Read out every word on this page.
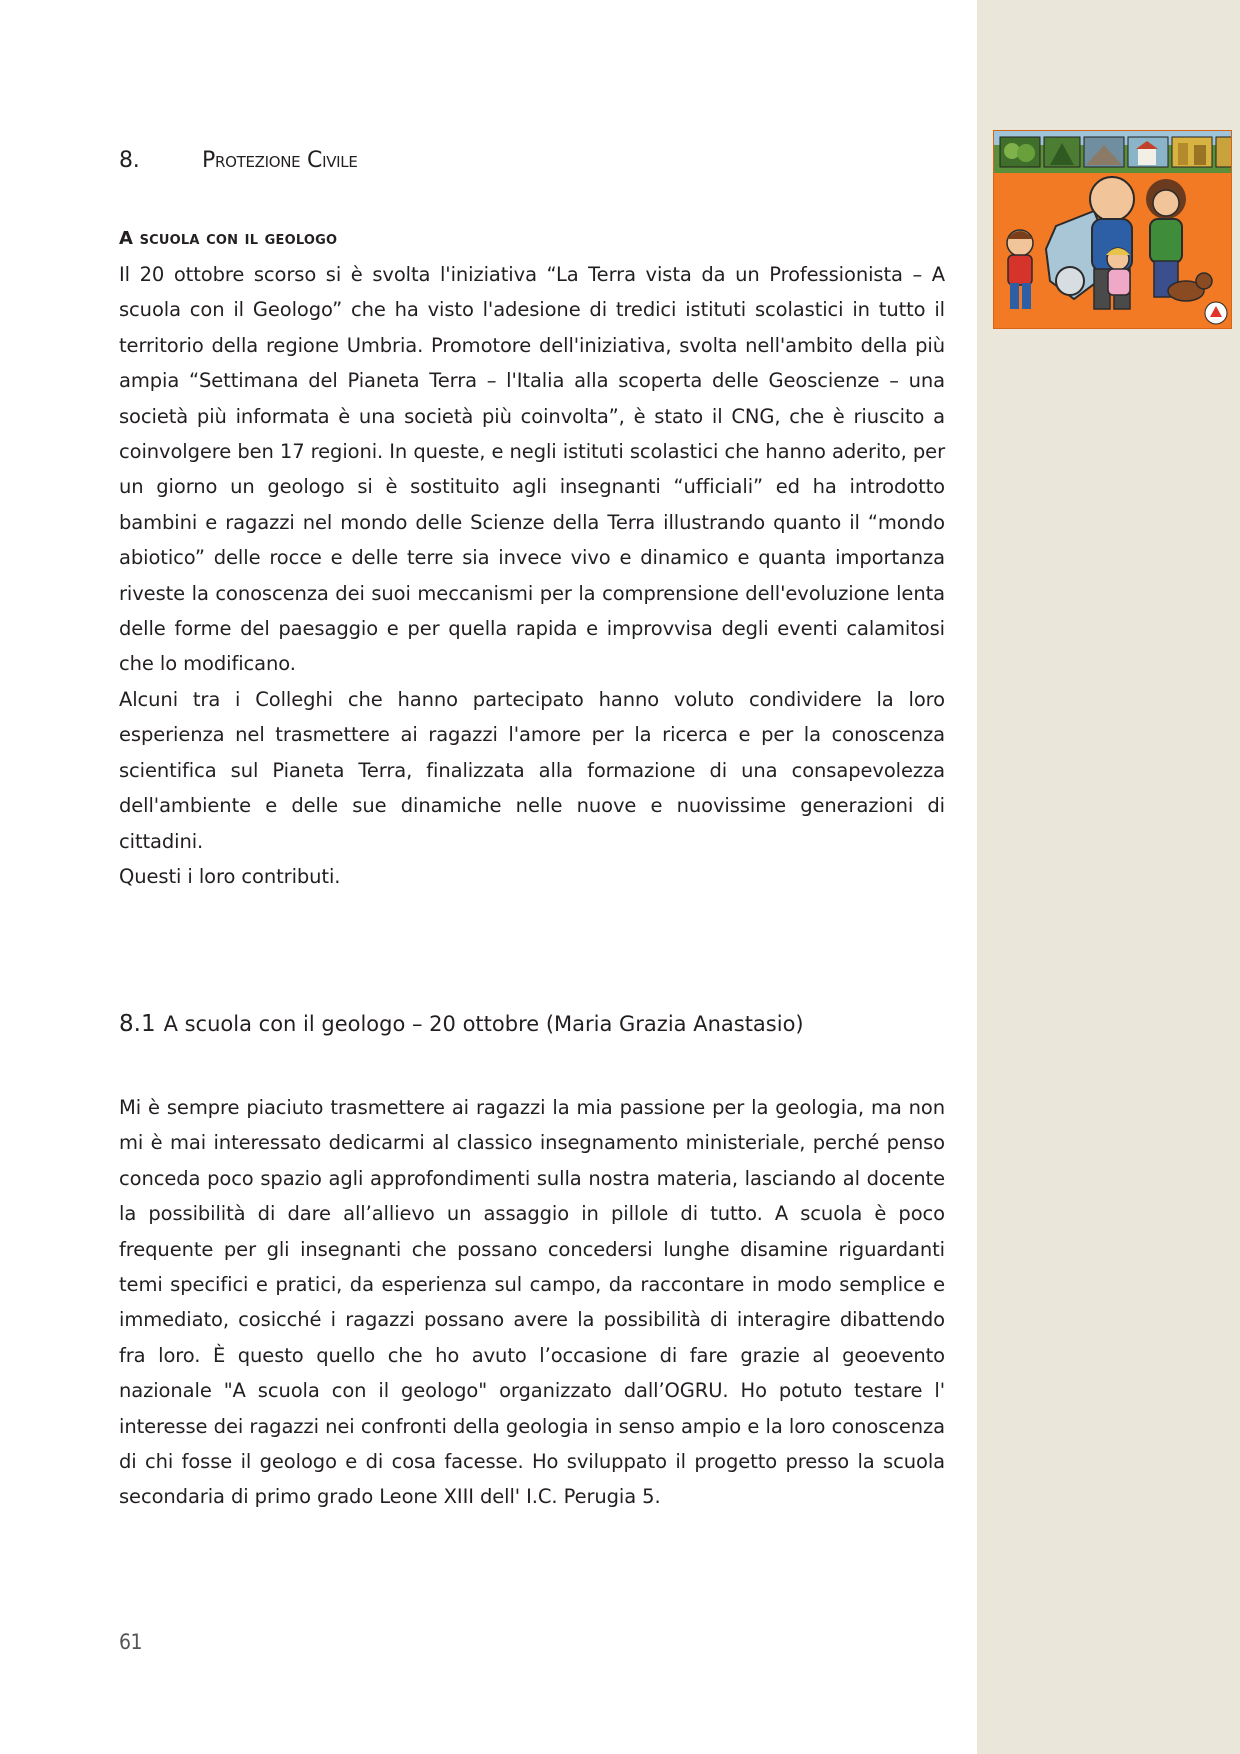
8.	Protezione Civile
A scuola con il geologo

Il 20 ottobre scorso si è svolta l'iniziativa “La Terra vista da un Professionista – A scuola con il Geologo” che ha visto l'adesione di tredici istituti scolastici in tutto il territorio della regione Umbria. Promotore dell'iniziativa, svolta nell'ambito della più ampia “Settimana del Pianeta Terra – l'Italia alla scoperta delle Geoscienze – una società più informata è una società più coinvolta”, è stato il CNG, che è riuscito a coinvolgere ben 17 regioni. In queste, e negli istituti scolastici che hanno aderito, per un giorno un geologo si è sostituito agli insegnanti “ufficiali” ed ha introdotto bambini e ragazzi nel mondo delle Scienze della Terra illustrando quanto il “mondo abiotico” delle rocce e delle terre sia invece vivo e dinamico e quanta importanza riveste la conoscenza dei suoi meccanismi per la comprensione dell'evoluzione lenta delle forme del paesaggio e per quella rapida e improvvisa degli eventi calamitosi che lo modificano.

Alcuni tra i Colleghi che hanno partecipato hanno voluto condividere la loro esperienza nel trasmettere ai ragazzi l'amore per la ricerca e per la conoscenza scientifica sul Pianeta Terra, finalizzata alla formazione di una consapevolezza dell'ambiente e delle sue dinamiche nelle nuove e nuovissime generazioni di cittadini.

Questi i loro contributi.

8.1 A scuola con il geologo – 20 ottobre (Maria Grazia Anastasio)

Mi è sempre piaciuto trasmettere ai ragazzi la mia passione per la geologia, ma non mi è mai interessato dedicarmi al classico insegnamento ministeriale, perché penso conceda poco spazio agli approfondimenti sulla nostra materia, lasciando al docente la possibilità di dare all’allievo un assaggio in pillole di tutto. A scuola è poco frequente per gli insegnanti che possano concedersi lunghe disamine riguardanti temi specifici e pratici, da esperienza sul campo, da raccontare in modo semplice e immediato, cosicché i ragazzi possano avere la possibilità di interagire dibattendo fra loro. È questo quello che ho avuto l’occasione di fare grazie al geoevento nazionale "A scuola con il geologo" organizzato dall’OGRU. Ho potuto testare l' interesse dei ragazzi nei confronti della geologia in senso ampio e la loro conoscenza di chi fosse il geologo e di cosa facesse. Ho sviluppato il progetto presso la scuola secondaria di primo grado Leone XIII dell' I.C. Perugia 5.

61
